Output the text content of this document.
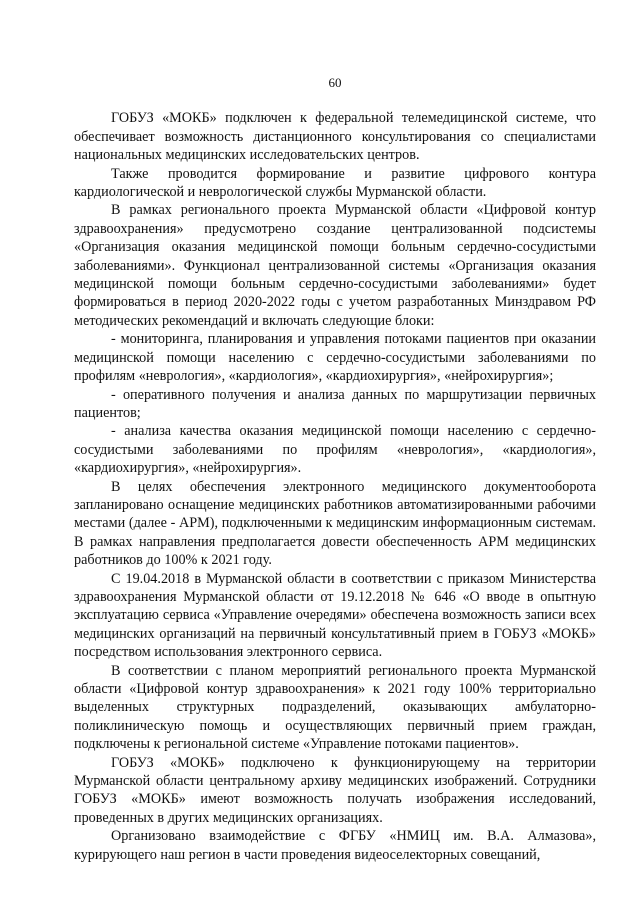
60

ГОБУЗ «МОКБ» подключен к федеральной телемедицинской системе, что обеспечивает возможность дистанционного консультирования со специалистами национальных медицинских исследовательских центров.

Также проводится формирование и развитие цифрового контура кардиологической и неврологической службы Мурманской области.

В рамках регионального проекта Мурманской области «Цифровой контур здравоохранения» предусмотрено создание централизованной подсистемы «Организация оказания медицинской помощи больным сердечно-сосудистыми заболеваниями». Функционал централизованной системы «Организация оказания медицинской помощи больным сердечно-сосудистыми заболеваниями» будет формироваться в период 2020-2022 годы с учетом разработанных Минздравом РФ методических рекомендаций и включать следующие блоки:

- мониторинга, планирования и управления потоками пациентов при оказании медицинской помощи населению с сердечно-сосудистыми заболеваниями по профилям «неврология», «кардиология», «кардиохирургия», «нейрохирургия»;

- оперативного получения и анализа данных по маршрутизации первичных пациентов;

- анализа качества оказания медицинской помощи населению с сердечно-сосудистыми заболеваниями по профилям «неврология», «кардиология», «кардиохирургия», «нейрохирургия».

В целях обеспечения электронного медицинского документооборота запланировано оснащение медицинских работников автоматизированными рабочими местами (далее - АРМ), подключенными к медицинским информационным системам. В рамках направления предполагается довести обеспеченность АРМ медицинских работников до 100% к 2021 году.

С 19.04.2018 в Мурманской области в соответствии с приказом Министерства здравоохранения Мурманской области от 19.12.2018 № 646 «О вводе в опытную эксплуатацию сервиса «Управление очередями» обеспечена возможность записи всех медицинских организаций на первичный консультативный прием в ГОБУЗ «МОКБ» посредством использования электронного сервиса.

В соответствии с планом мероприятий регионального проекта Мурманской области «Цифровой контур здравоохранения» к 2021 году 100% территориально выделенных структурных подразделений, оказывающих амбулаторно-поликлиническую помощь и осуществляющих первичный прием граждан, подключены к региональной системе «Управление потоками пациентов».

ГОБУЗ «МОКБ» подключено к функционирующему на территории Мурманской области центральному архиву медицинских изображений. Сотрудники ГОБУЗ «МОКБ» имеют возможность получать изображения исследований, проведенных в других медицинских организациях.

Организовано взаимодействие с ФГБУ «НМИЦ им. В.А. Алмазова», курирующего наш регион в части проведения видеоселекторных совещаний,
